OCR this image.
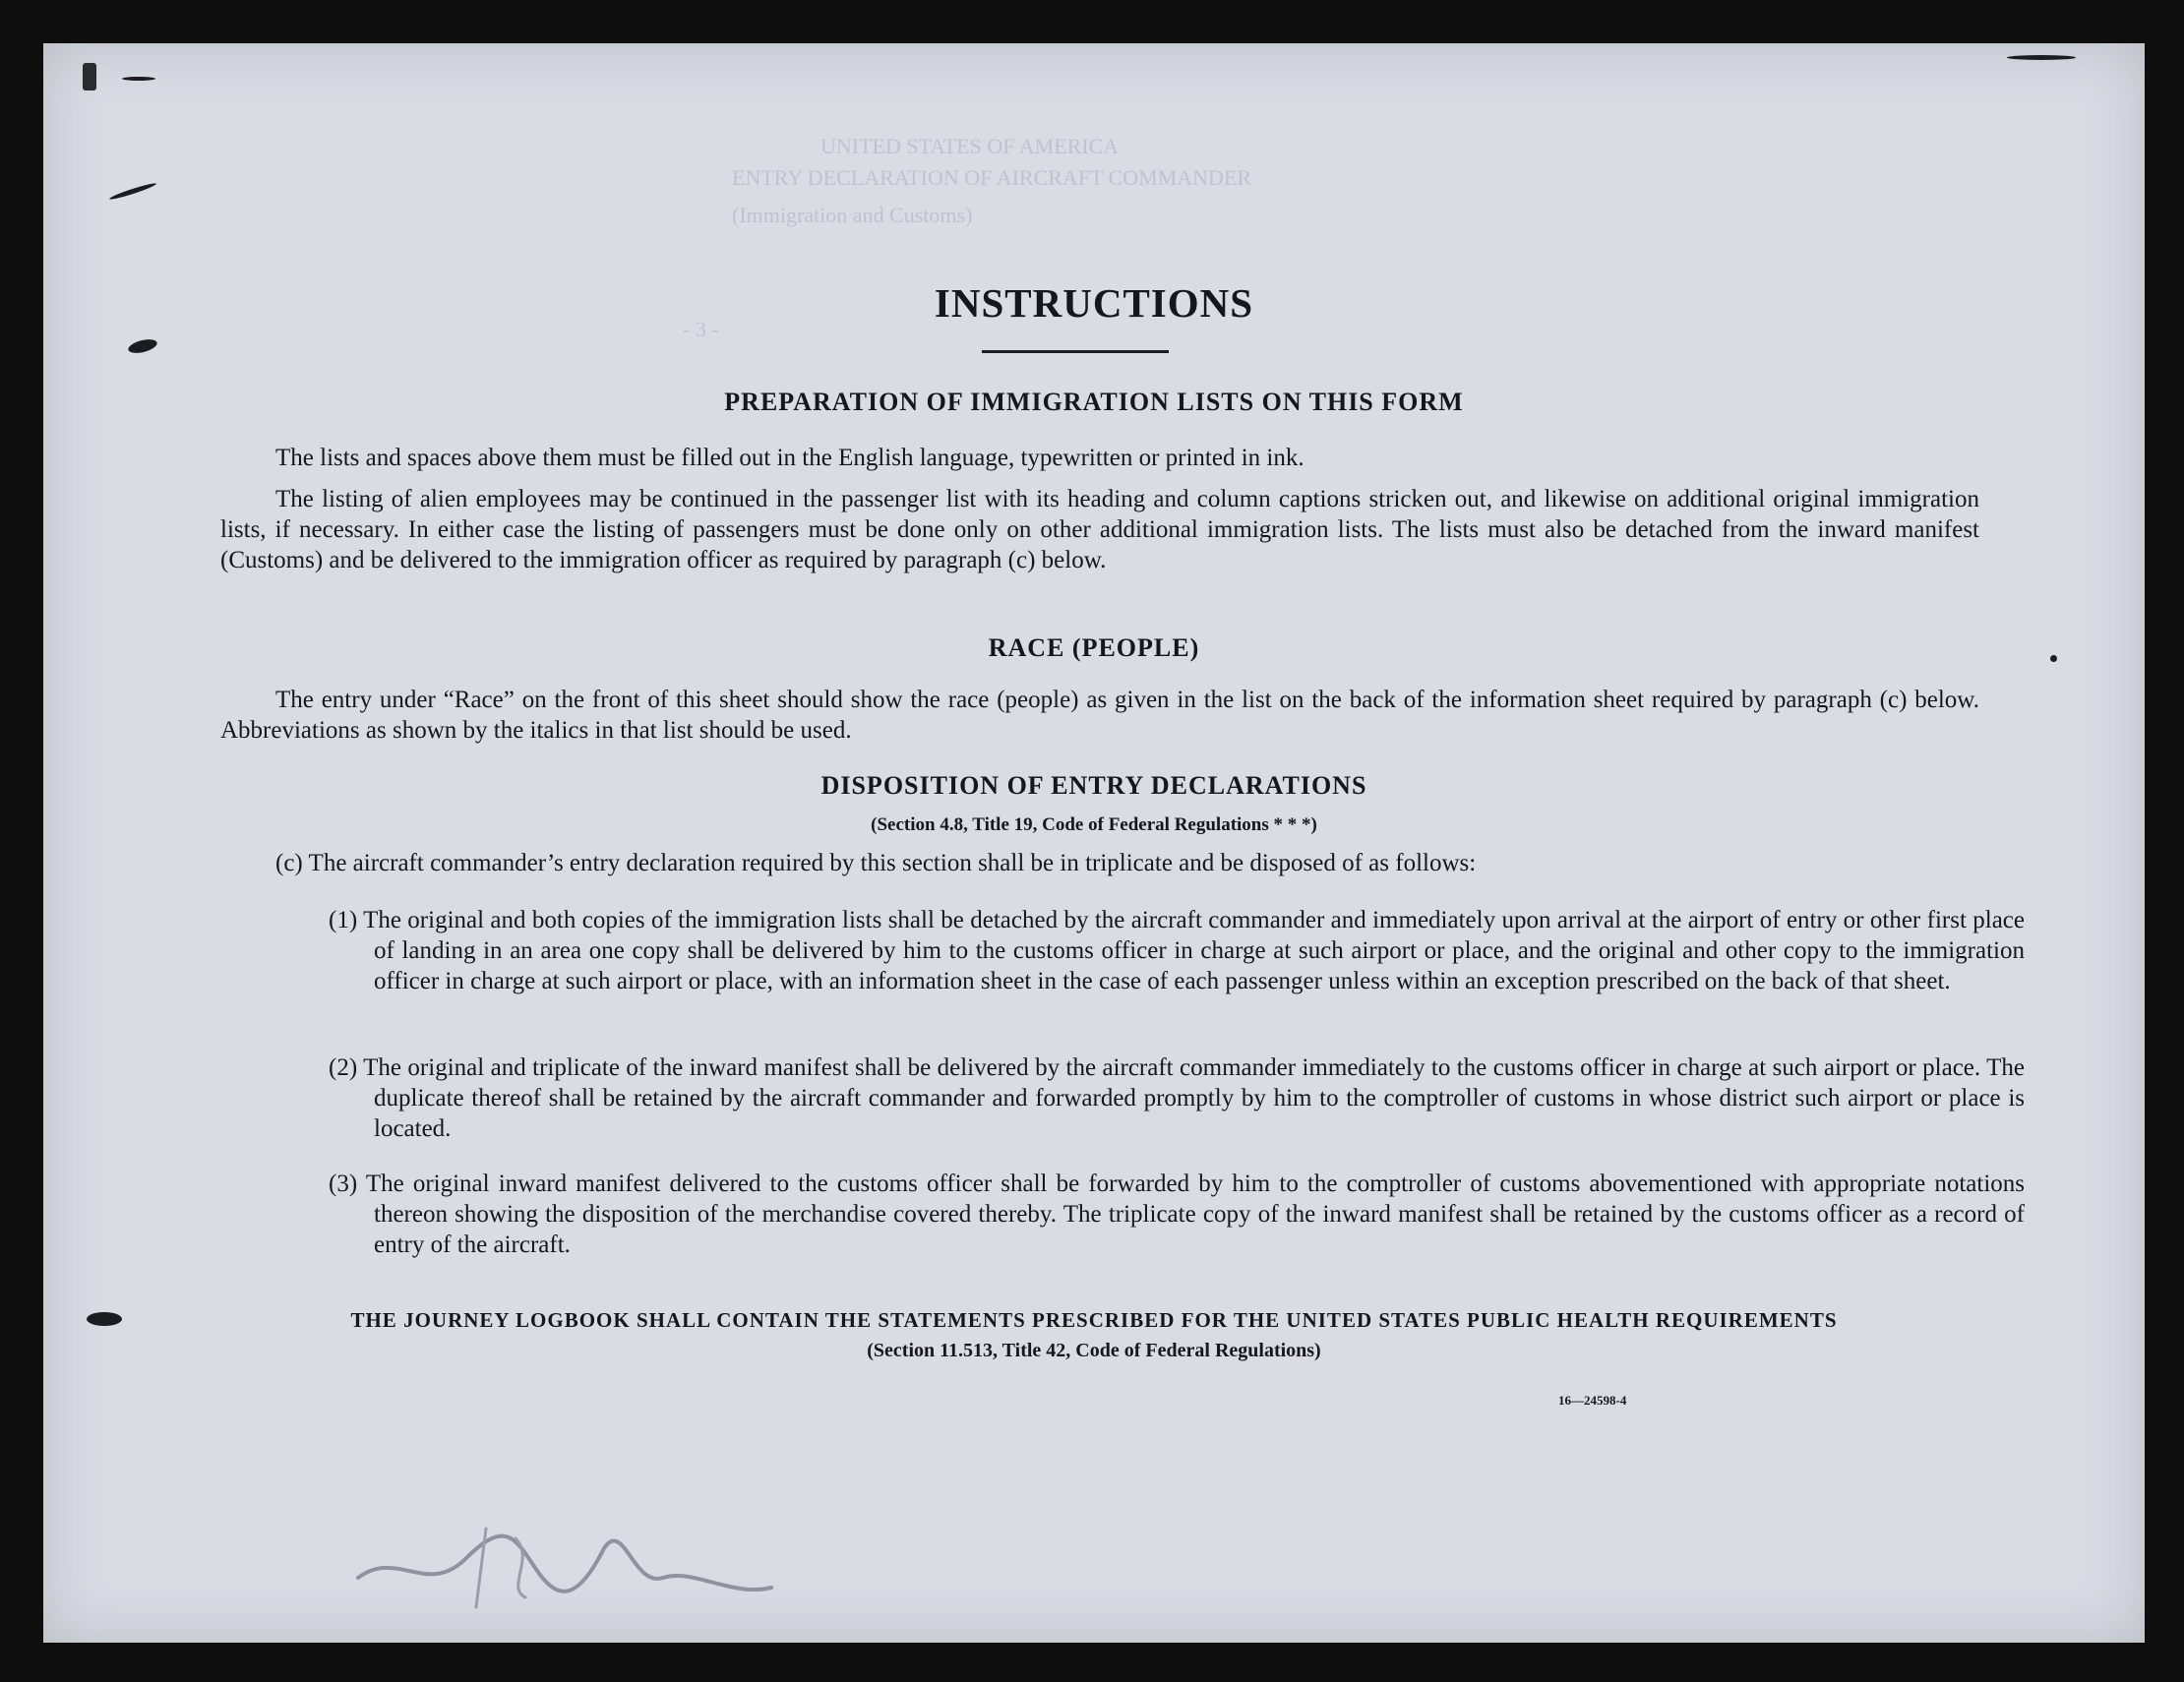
UNITED STATES OF AMERICA
ENTRY DECLARATION OF AIRCRAFT COMMANDER
(Immigration and Customs)
- 3 -
INSTRUCTIONS
PREPARATION OF IMMIGRATION LISTS ON THIS FORM
The lists and spaces above them must be filled out in the English language, typewritten or printed in ink.
The listing of alien employees may be continued in the passenger list with its heading and column captions stricken out, and likewise on additional original immigration lists, if necessary. In either case the listing of passengers must be done only on other additional immigration lists. The lists must also be detached from the inward manifest (Customs) and be delivered to the immigration officer as required by paragraph (c) below.
RACE (PEOPLE)
The entry under “Race” on the front of this sheet should show the race (people) as given in the list on the back of the information sheet required by paragraph (c) below. Abbreviations as shown by the italics in that list should be used.
DISPOSITION OF ENTRY DECLARATIONS
(Section 4.8, Title 19, Code of Federal Regulations * * *)
(c) The aircraft commander’s entry declaration required by this section shall be in triplicate and be disposed of as follows:
(1) The original and both copies of the immigration lists shall be detached by the aircraft commander and immediately upon arrival at the airport of entry or other first place of landing in an area one copy shall be delivered by him to the customs officer in charge at such airport or place, and the original and other copy to the immigration officer in charge at such airport or place, with an information sheet in the case of each passenger unless within an exception prescribed on the back of that sheet.
(2) The original and triplicate of the inward manifest shall be delivered by the aircraft commander immediately to the customs officer in charge at such airport or place. The duplicate thereof shall be retained by the aircraft commander and forwarded promptly by him to the comptroller of customs in whose district such airport or place is located.
(3) The original inward manifest delivered to the customs officer shall be forwarded by him to the comptroller of customs abovementioned with appropriate notations thereon showing the disposition of the merchandise covered thereby. The triplicate copy of the inward manifest shall be retained by the customs officer as a record of entry of the aircraft.
THE JOURNEY LOGBOOK SHALL CONTAIN THE STATEMENTS PRESCRIBED FOR THE UNITED STATES PUBLIC HEALTH REQUIREMENTS
(Section 11.513, Title 42, Code of Federal Regulations)
16—24598-4
